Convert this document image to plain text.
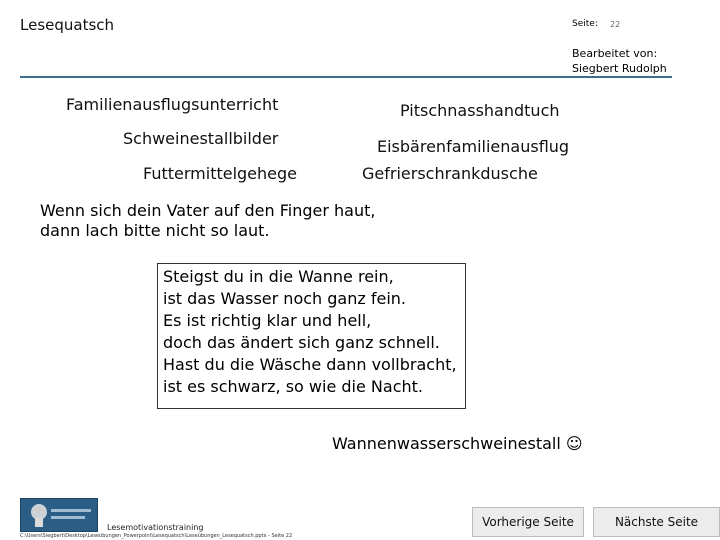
Lesequatsch	Seite: 22
Bearbeitet von:
Siegbert Rudolph
Familienausflugsunterricht	Pitschnasshandtuch
Schweinestallbilder	Eisbärenfamilienausflug
Futtermittelgehege	Gefrierschrankdusche
Wenn sich dein Vater auf den Finger haut,
dann lach bitte nicht so laut.
Steigst du in die Wanne rein,
ist das Wasser noch ganz fein.
Es ist richtig klar und hell,
doch das ändert sich ganz schnell.
Hast du die Wäsche dann vollbracht,
ist es schwarz, so wie die Nacht.
Wannenwasserschweinestall ☺
Lesemotivationstraining
C:\Users\Siegbert\Desktop\Leseübungen_Powerpoint\Lesequatsch\Leseübungen_Lesequatsch.pptx - Seite 22
Vorherige Seite	Nächste Seite
